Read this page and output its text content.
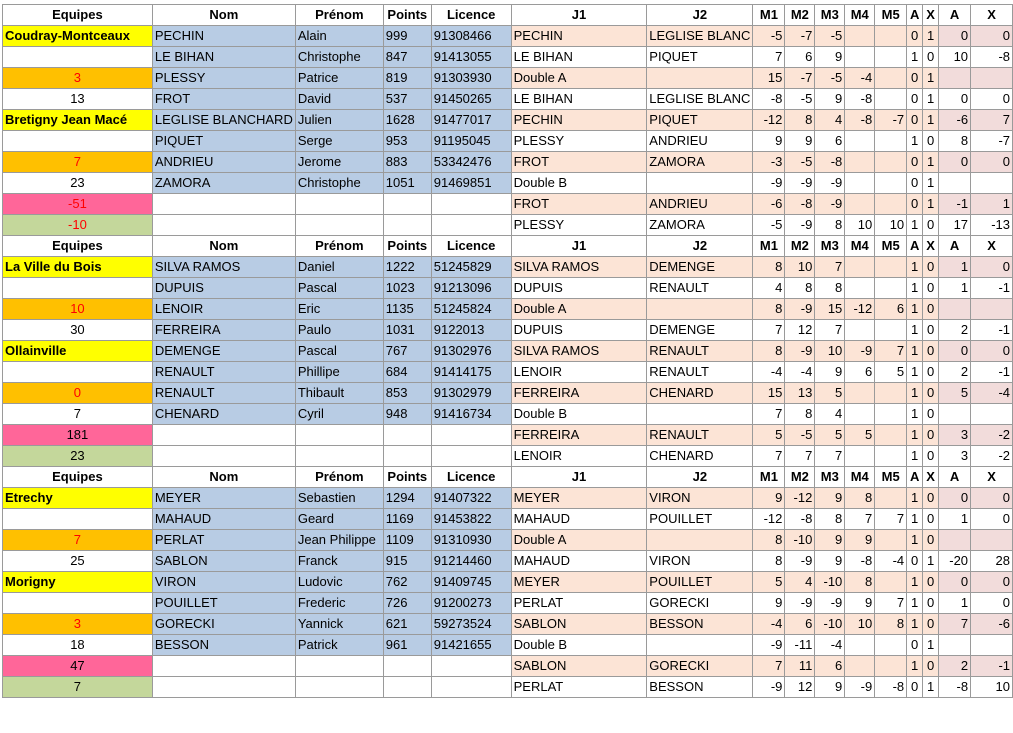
Equipes	Nom	Prénom	Points	Licence	J1	J2	M1	M2	M3	M4	M5	A	X	A	X
Coudray-Montceaux	PECHIN	Alain	999	91308466	PECHIN	LEGLISE BLANC	-5	-7	-5			0	1	0	0
	LE BIHAN	Christophe	847	91413055	LE BIHAN	PIQUET	7	6	9			1	0	10	-8
3	PLESSY	Patrice	819	91303930	Double A		15	-7	-5	-4		0	1		
13	FROT	David	537	91450265	LE BIHAN	LEGLISE BLANC	-8	-5	9	-8		0	1	0	0
Bretigny Jean Macé	LEGLISE BLANCHARD	Julien	1628	91477017	PECHIN	PIQUET	-12	8	4	-8	-7	0	1	-6	7
	PIQUET	Serge	953	91195045	PLESSY	ANDRIEU	9	9	6			1	0	8	-7
7	ANDRIEU	Jerome	883	53342476	FROT	ZAMORA	-3	-5	-8			0	1	0	0
23	ZAMORA	Christophe	1051	91469851	Double B		-9	-9	-9			0	1		
-51					FROT	ANDRIEU	-6	-8	-9			0	1	-1	1
-10					PLESSY	ZAMORA	-5	-9	8	10	10	1	0	17	-13
Equipes	Nom	Prénom	Points	Licence	J1	J2	M1	M2	M3	M4	M5	A	X	A	X
La Ville du Bois	SILVA RAMOS	Daniel	1222	51245829	SILVA RAMOS	DEMENGE	8	10	7			1	0	1	0
	DUPUIS	Pascal	1023	91213096	DUPUIS	RENAULT	4	8	8			1	0	1	-1
10	LENOIR	Eric	1135	51245824	Double A		8	-9	15	-12	6	1	0		
30	FERREIRA	Paulo	1031	9122013	DUPUIS	DEMENGE	7	12	7			1	0	2	-1
Ollainville	DEMENGE	Pascal	767	91302976	SILVA RAMOS	RENAULT	8	-9	10	-9	7	1	0	0	0
	RENAULT	Phillipe	684	91414175	LENOIR	RENAULT	-4	-4	9	6	5	1	0	2	-1
0	RENAULT	Thibault	853	91302979	FERREIRA	CHENARD	15	13	5			1	0	5	-4
7	CHENARD	Cyril	948	91416734	Double B		7	8	4			1	0		
181					FERREIRA	RENAULT	5	-5	5	5		1	0	3	-2
23					LENOIR	CHENARD	7	7	7			1	0	3	-2
Equipes	Nom	Prénom	Points	Licence	J1	J2	M1	M2	M3	M4	M5	A	X	A	X
Etrechy	MEYER	Sebastien	1294	91407322	MEYER	VIRON	9	-12	9	8		1	0	0	0
	MAHAUD	Geard	1169	91453822	MAHAUD	POUILLET	-12	-8	8	7	7	1	0	1	0
7	PERLAT	Jean Philippe	1109	91310930	Double A		8	-10	9	9		1	0		
25	SABLON	Franck	915	91214460	MAHAUD	VIRON	8	-9	9	-8	-4	0	1	-20	28
Morigny	VIRON	Ludovic	762	91409745	MEYER	POUILLET	5	4	-10	8		1	0	0	0
	POUILLET	Frederic	726	91200273	PERLAT	GORECKI	9	-9	-9	9	7	1	0	1	0
3	GORECKI	Yannick	621	59273524	SABLON	BESSON	-4	6	-10	10	8	1	0	7	-6
18	BESSON	Patrick	961	91421655	Double B		-9	-11	-4			0	1		
47					SABLON	GORECKI	7	11	6			1	0	2	-1
7					PERLAT	BESSON	-9	12	9	-9	-8	0	1	-8	10
